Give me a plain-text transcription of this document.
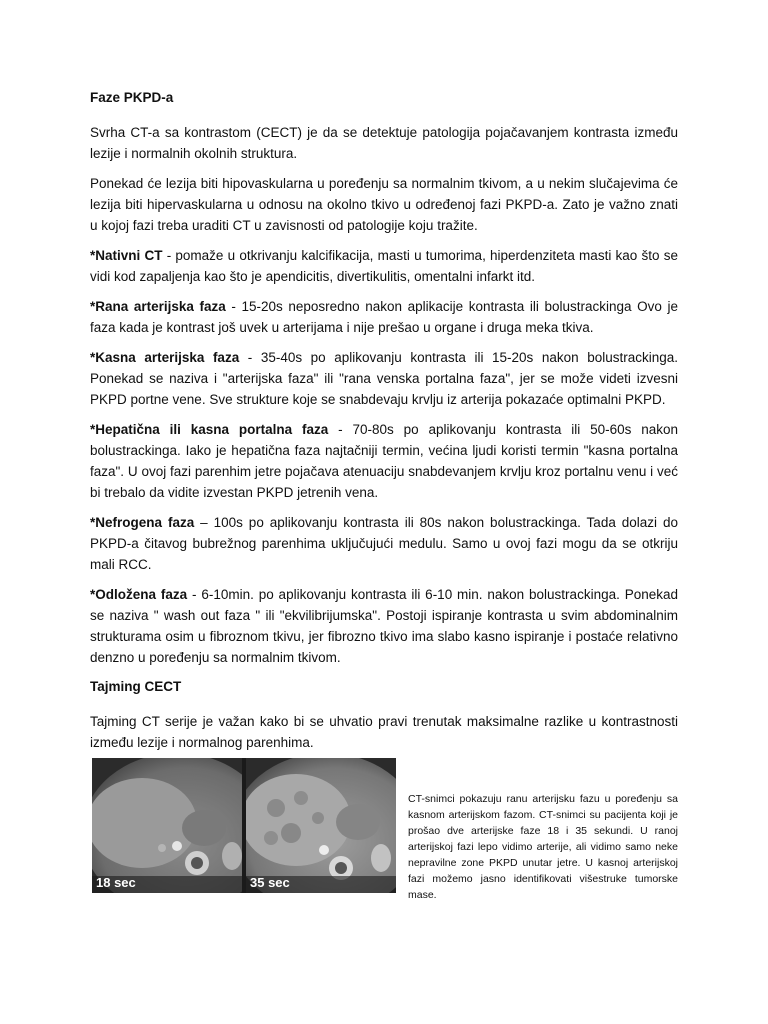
Faze PKPD-a

Svrha CT-a sa kontrastom (CECT) je da se detektuje patologija pojačavanjem kontrasta između lezije i normalnih okolnih struktura.

Ponekad će lezija biti hipovaskularna u poređenju sa normalnim tkivom, a u nekim slučajevima će lezija biti hipervaskularna u odnosu na okolno tkivo u određenoj fazi PKPD-a. Zato je važno znati u kojoj fazi treba uraditi CT u zavisnosti od patologije koju tražite.

*Nativni CT - pomaže u otkrivanju kalcifikacija, masti u tumorima, hiperdenziteta masti kao što se vidi kod zapaljenja kao što je apendicitis, divertikulitis, omentalni infarkt itd.

*Rana arterijska faza - 15-20s neposredno nakon aplikacije kontrasta ili bolustrackinga Ovo je faza kada je kontrast još uvek u arterijama i nije prešao u organe i druga meka tkiva.

*Kasna arterijska faza - 35-40s po aplikovanju kontrasta ili 15-20s nakon bolustrackinga. Ponekad se naziva i "arterijska faza" ili "rana venska portalna faza", jer se može videti izvesni PKPD portne vene. Sve strukture koje se snabdevaju krvlju iz arterija pokazaće optimalni PKPD.

*Hepatična ili kasna portalna faza - 70-80s po aplikovanju kontrasta ili 50-60s nakon bolustrackinga. Iako je hepatična faza najtačniji termin, većina ljudi koristi termin "kasna portalna faza". U ovoj fazi parenhim jetre pojačava atenuaciju snabdevanjem krvlju kroz portalnu venu i već bi trebalo da vidite izvestan PKPD jetrenih vena.

*Nefrogena faza – 100s po aplikovanju kontrasta ili 80s nakon bolustrackinga. Tada dolazi do PKPD-a čitavog bubrežnog parenhima uključujući medulu. Samo u ovoj fazi mogu da se otkriju mali RCC.

*Odložena faza - 6-10min. po aplikovanju kontrasta ili 6-10 min. nakon bolustrackinga. Ponekad se naziva " wash out faza " ili "ekvilibrijumska". Postoji ispiranje kontrasta u svim abdominalnim strukturama osim u fibroznom tkivu, jer fibrozno tkivo ima slabo kasno ispiranje i postaće relativno denzno u poređenju sa normalnim tkivom.

Tajming CECT

Tajming CT serije je važan kako bi se uhvatio pravi trenutak maksimalne razlike u kontrastnosti između lezije i normalnog parenhima.

18 sec	35 sec
CT-snimci pokazuju ranu arterijsku fazu u poređenju sa kasnom arterijskom fazom. CT-snimci su pacijenta koji je prošao dve arterijske faze 18 i 35 sekundi. U ranoj arterijskoj fazi lepo vidimo arterije, ali vidimo samo neke nepravilne zone PKPD unutar jetre. U kasnoj arterijskoj fazi možemo jasno identifikovati višestruke tumorske mase.
